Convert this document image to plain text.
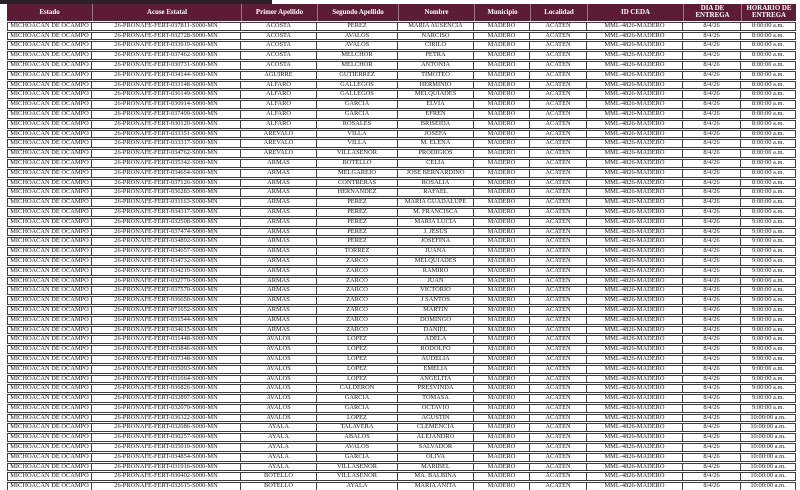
Estado	Acuse Estatal	Primer Apellido	Segundo Apellido	Nombre	Municipio	Localidad	ID CEDA	DIA DE ENTREGA	HORARIO DE ENTREGA
MICHOACAN DE OCAMPO	26-PRONAFE-FERT-037811-S000-MN	ACOSTA	PEREZ	MARIA AUSENCIA	MADERO	ACATÉN	MML-4826-MADERO	8/4/26	8:00:00 a.m.
MICHOACAN DE OCAMPO	26-PRONAFE-FERT-032728-S000-MN	ACOSTA	AVALOS	NARCISO	MADERO	ACATÉN	MML-4826-MADERO	8/4/26	8:00:00 a.m.
MICHOACAN DE OCAMPO	26-PRONAFE-FERT-033919-S000-MN	ACOSTA	AVALOS	CIRILO	MADERO	ACATÉN	MML-4826-MADERO	8/4/26	8:00:00 a.m.
MICHOACAN DE OCAMPO	26-PRONAFE-FERT-037462-S000-MN	ACOSTA	MELCHOR	PETRA	MADERO	ACATÉN	MML-4826-MADERO	8/4/26	8:00:00 a.m.
MICHOACAN DE OCAMPO	26-PRONAFE-FERT-030731-S000-MN	ACOSTA	MELCHOR	ANTONIA	MADERO	ACATÉN	MML-4826-MADERO	8/4/26	8:00:00 a.m.
MICHOACAN DE OCAMPO	26-PRONAFE-FERT-034144-S000-MN	AGUIRRE	GUTIERREZ	TIMOTEO	MADERO	ACATÉN	MML-4826-MADERO	8/4/26	8:00:00 a.m.
MICHOACAN DE OCAMPO	26-PRONAFE-FERT-033148-S000-MN	ALFARO	GALLEGOS	HERMINIO	MADERO	ACATÉN	MML-4826-MADERO	8/4/26	8:00:00 a.m.
MICHOACAN DE OCAMPO	26-PRONAFE-FERT-036149-S000-MN	ALFARO	GALLEGOS	MELQUIADES	MADERO	ACATÉN	MML-4826-MADERO	8/4/26	8:00:00 a.m.
MICHOACAN DE OCAMPO	26-PRONAFE-FERT-030914-S000-MN	ALFARO	GARCIA	ELVIA	MADERO	ACATÉN	MML-4826-MADERO	8/4/26	8:00:00 a.m.
MICHOACAN DE OCAMPO	26-PRONAFE-FERT-037499-S000-MN	ALFARO	GARCIA	EFREN	MADERO	ACATÉN	MML-4826-MADERO	8/4/26	8:00:00 a.m.
MICHOACAN DE OCAMPO	26-PRONAFE-FERT-030120-S000-MN	ALFARO	ROSALES	BRISEIDA	MADERO	ACATÉN	MML-4826-MADERO	8/4/26	8:00:00 a.m.
MICHOACAN DE OCAMPO	26-PRONAFE-FERT-033351-S000-MN	AREVALO	VILLA	JOSEFA	MADERO	ACATÉN	MML-4826-MADERO	8/4/26	8:00:00 a.m.
MICHOACAN DE OCAMPO	26-PRONAFE-FERT-033317-S000-MN	AREVALO	VILLA	M. ELENA	MADERO	ACATÉN	MML-4826-MADERO	8/4/26	8:00:00 a.m.
MICHOACAN DE OCAMPO	26-PRONAFE-FERT-034762-S000-MN	AREVALO	VILLASEÑOR	PRODIGIOS	MADERO	ACATÉN	MML-4826-MADERO	8/4/26	8:00:00 a.m.
MICHOACAN DE OCAMPO	26-PRONAFE-FERT-035342-S000-MN	ARMAS	BOTELLO	CELIA	MADERO	ACATÉN	MML-4826-MADERO	8/4/26	8:00:00 a.m.
MICHOACAN DE OCAMPO	26-PRONAFE-FERT-034654-S000-MN	ARMAS	MELGAREJO	JOSE BERNARDINO	MADERO	ACATÉN	MML-4826-MADERO	8/4/26	8:00:00 a.m.
MICHOACAN DE OCAMPO	26-PRONAFE-FERT-037126-S000-MN	ARMAS	CONTRERAS	ROSALIA	MADERO	ACATÉN	MML-4826-MADERO	8/4/26	8:00:00 a.m.
MICHOACAN DE OCAMPO	26-PRONAFE-FERT-036283-S000-MN	ARMAS	HERNANDEZ	RAFAEL	MADERO	ACATÉN	MML-4826-MADERO	8/4/26	8:00:00 a.m.
MICHOACAN DE OCAMPO	26-PRONAFE-FERT-031163-S000-MN	ARMAS	PEREZ	MARIA GUADALUPE	MADERO	ACATÉN	MML-4826-MADERO	8/4/26	8:00:00 a.m.
MICHOACAN DE OCAMPO	26-PRONAFE-FERT-034317-S000-MN	ARMAS	PEREZ	M. FRANCISCA	MADERO	ACATÉN	MML-4826-MADERO	8/4/26	8:00:00 a.m.
MICHOACAN DE OCAMPO	26-PRONAFE-FERT-032508-S000-MN	ARMAS	PEREZ	MARIA LUCIA	MADERO	ACATÉN	MML-4826-MADERO	8/4/26	9:00:00 a.m.
MICHOACAN DE OCAMPO	26-PRONAFE-FERT-037474-S000-MN	ARMAS	PEREZ	J. JESUS	MADERO	ACATÉN	MML-4826-MADERO	8/4/26	9:00:00 a.m.
MICHOACAN DE OCAMPO	26-PRONAFE-FERT-034892-S000-MN	ARMAS	PEREZ	JOSEFINA	MADERO	ACATÉN	MML-4826-MADERO	8/4/26	9:00:00 a.m.
MICHOACAN DE OCAMPO	26-PRONAFE-FERT-034657-S000-MN	ARMAS	TORREZ	JUANA	MADERO	ACATÉN	MML-4826-MADERO	8/4/26	9:00:00 a.m.
MICHOACAN DE OCAMPO	26-PRONAFE-FERT-034732-S000-MN	ARMAS	ZARCO	MELQUIADES	MADERO	ACATÉN	MML-4826-MADERO	8/4/26	9:00:00 a.m.
MICHOACAN DE OCAMPO	26-PRONAFE-FERT-034219-S000-MN	ARMAS	ZARCO	RAMIRO	MADERO	ACATÉN	MML-4826-MADERO	8/4/26	9:00:00 a.m.
MICHOACAN DE OCAMPO	26-PRONAFE-FERT-032770-S000-MN	ARMAS	ZARCO	JUAN	MADERO	ACATÉN	MML-4826-MADERO	8/4/26	9:00:00 a.m.
MICHOACAN DE OCAMPO	26-PRONAFE-FERT-037570-S000-MN	ARMAS	ZARCO	VICTORIO	MADERO	ACATÉN	MML-4826-MADERO	8/4/26	9:00:00 a.m.
MICHOACAN DE OCAMPO	26-PRONAFE-FERT-036650-S000-MN	ARMAS	ZARCO	J SANTOS	MADERO	ACATÉN	MML-4826-MADERO	8/4/26	9:00:00 a.m.
MICHOACAN DE OCAMPO	26-PRONAFE-FERT-071652-S000-MN	ARMAS	ZARCO	MARTIN	MADERO	ACATÉN	MML-4826-MADERO	8/4/26	9:00:00 a.m.
MICHOACAN DE OCAMPO	26-PRONAFE-FERT-031544-S000-MN	ARMAS	ZARCO	DOMINGO	MADERO	ACATÉN	MML-4826-MADERO	8/4/26	9:00:00 a.m.
MICHOACAN DE OCAMPO	26-PRONAFE-FERT-034615-S000-MN	ARMAS	ZARCO	DANIEL	MADERO	ACATÉN	MML-4826-MADERO	8/4/26	9:00:00 a.m.
MICHOACAN DE OCAMPO	26-PRONAFE-FERT-031448-S000-MN	AVALOS	LOPEZ	ADELA	MADERO	ACATÉN	MML-4826-MADERO	8/4/26	9:00:00 a.m.
MICHOACAN DE OCAMPO	26-PRONAFE-FERT-033846-S000-MN	AVALOS	LOPEZ	RODOLFO	MADERO	ACATÉN	MML-4826-MADERO	8/4/26	9:00:00 a.m.
MICHOACAN DE OCAMPO	26-PRONAFE-FERT-037348-S000-MN	AVALOS	LOPEZ	AUDELIA	MADERO	ACATÉN	MML-4826-MADERO	8/4/26	9:00:00 a.m.
MICHOACAN DE OCAMPO	26-PRONAFE-FERT-035093-S000-MN	AVALOS	LOPEZ	EMELIA	MADERO	ACATÉN	MML-4826-MADERO	8/4/26	9:00:00 a.m.
MICHOACAN DE OCAMPO	26-PRONAFE-FERT-031664-S000-MN	AVALOS	LOPEZ	ANGELITA	MADERO	ACATÉN	MML-4826-MADERO	8/4/26	9:00:00 a.m.
MICHOACAN DE OCAMPO	26-PRONAFE-FERT-036826-S000-MN	AVALOS	CALDERON	PRESVINDA	MADERO	ACATÉN	MML-4826-MADERO	8/4/26	9:00:00 a.m.
MICHOACAN DE OCAMPO	26-PRONAFE-FERT-032897-S000-MN	AVALOS	GARCIA	TOMASA	MADERO	ACATÉN	MML-4826-MADERO	8/4/26	9:00:00 a.m.
MICHOACAN DE OCAMPO	26-PRONAFE-FERT-032070-S000-MN	AVALOS	GARCIA	OCTAVIO	MADERO	ACATÉN	MML-4826-MADERO	8/4/26	9:00:00 a.m.
MICHOACAN DE OCAMPO	26-PRONAFE-FERT-036322-S000-MN	AVALOS	LOPEZ	AGUSTIN	MADERO	ACATÉN	MML-4826-MADERO	8/4/26	10:00:00 a.m.
MICHOACAN DE OCAMPO	26-PRONAFE-FERT-032086-S000-MN	AYALA	TALAVERA	CLEMENCIA	MADERO	ACATÉN	MML-4826-MADERO	8/4/26	10:00:00 a.m.
MICHOACAN DE OCAMPO	26-PRONAFE-FERT-030257-S000-MN	AYALA	ABALOS	ALEJANDRO	MADERO	ACATÉN	MML-4826-MADERO	8/4/26	10:00:00 a.m.
MICHOACAN DE OCAMPO	26-PRONAFE-FERT-035010-S000-MN	AYALA	AVALOS	SALVADOR	MADERO	ACATÉN	MML-4826-MADERO	8/4/26	10:00:00 a.m.
MICHOACAN DE OCAMPO	26-PRONAFE-FERT-034854-S000-MN	AYALA	GARCIA	OLIVA	MADERO	ACATÉN	MML-4826-MADERO	8/4/26	10:00:00 a.m.
MICHOACAN DE OCAMPO	26-PRONAFE-FERT-031916-S000-MN	AYALA	VILLASEÑOR	MARIBEL	MADERO	ACATÉN	MML-4826-MADERO	8/4/26	10:00:00 a.m.
MICHOACAN DE OCAMPO	26-PRONAFE-FERT-030402-S000-MN	BOTELLO	VILLASEÑOR	MA. BALBINA	MADERO	ACATÉN	MML-4826-MADERO	8/4/26	10:00:00 a.m.
MICHOACAN DE OCAMPO	26-PRONAFE-FERT-032615-S000-MN	BOTELLO	AYALA	MARIA ANITA	MADERO	ACATÉN	MML-4826-MADERO	8/4/26	10:00:00 a.m.
